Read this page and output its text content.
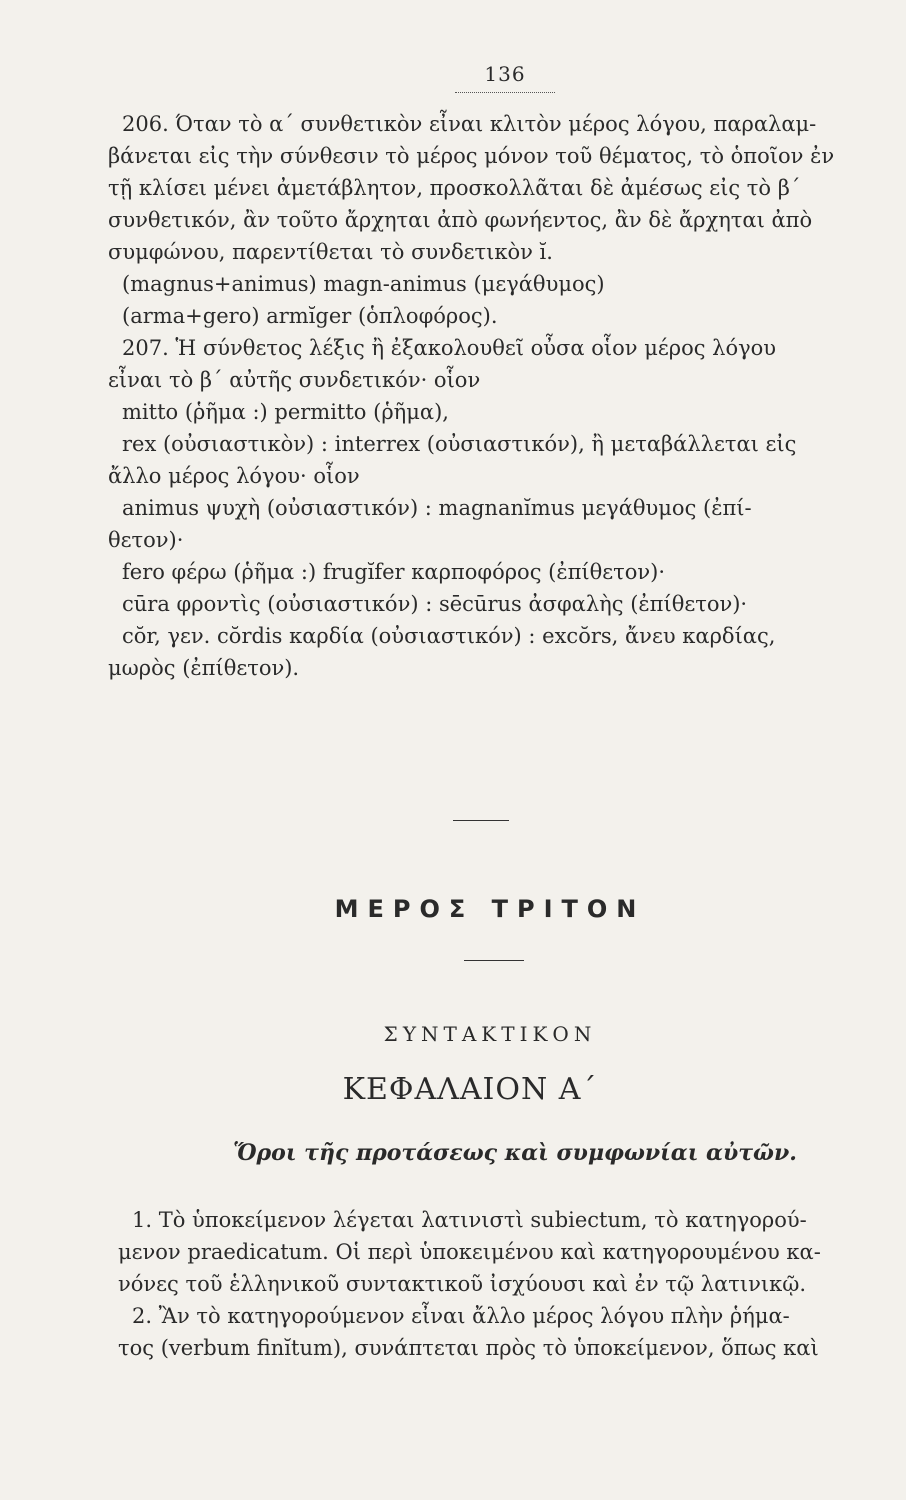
136
206. Όταν τὸ α΄ συνθετικὸν εἶναι κλιτὸν μέρος λόγου, παραλαμ-
βάνεται εἰς τὴν σύνθεσιν τὸ μέρος μόνον τοῦ θέματος, τὸ ὁποῖον ἐν
τῇ κλίσει μένει ἀμετάβλητον, προσκολλᾶται δὲ ἀμέσως εἰς τὸ β΄
συνθετικόν, ἂν τοῦτο ἄρχηται ἀπὸ φωνήεντος, ἂν δὲ ἄρχηται ἀπὸ
συμφώνου, παρεντίθεται τὸ συνδετικὸν ĭ.
(magnus+animus) magn-animus (μεγάθυμος)
(arma+gero) armĭger (ὁπλοφόρος).
207. Ἡ σύνθετος λέξις ἢ ἐξακολουθεῖ οὖσα οἷον μέρος λόγου
εἶναι τὸ β΄ αὐτῆς συνδετικόν· οἷον
mitto (ῥῆμα :) permitto (ῥῆμα),
rex (οὐσιαστικὸν) : interrex (οὐσιαστικόν), ἢ μεταβάλλεται εἰς
ἄλλο μέρος λόγου· οἷον
animus ψυχὴ (οὐσιαστικόν) : magnanĭmus μεγάθυμος (ἐπί-
θετον)·
fero φέρω (ῥῆμα :) frugĭfer καρποφόρος (ἐπίθετον)·
cūra φροντὶς (οὐσιαστικόν) : sēcūrus ἀσφαλὴς (ἐπίθετον)·
cŏr, γεν. cŏrdis καρδία (οὐσιαστικόν) : excŏrs, ἄνευ καρδίας,
μωρὸς (ἐπίθετον).
ΜΕΡΟΣ ΤΡΙΤΟΝ
ΣΥΝΤΑΚΤΙΚΟΝ
ΚΕΦΑΛΑΙΟΝ Α΄
Ὅροι τῆς προτάσεως καὶ συμφωνίαι αὐτῶν.
1. Τὸ ὑποκείμενον λέγεται λατινιστὶ subiectum, τὸ κατηγορού-
μενον praedicatum. Οἱ περὶ ὑποκειμένου καὶ κατηγορουμένου κα-
νόνες τοῦ ἑλληνικοῦ συντακτικοῦ ἰσχύουσι καὶ ἐν τῷ λατινικῷ.
2. Ἂν τὸ κατηγορούμενον εἶναι ἄλλο μέρος λόγου πλὴν ῥήμα-
τος (verbum finĭtum), συνάπτεται πρὸς τὸ ὑποκείμενον, ὅπως καὶ
